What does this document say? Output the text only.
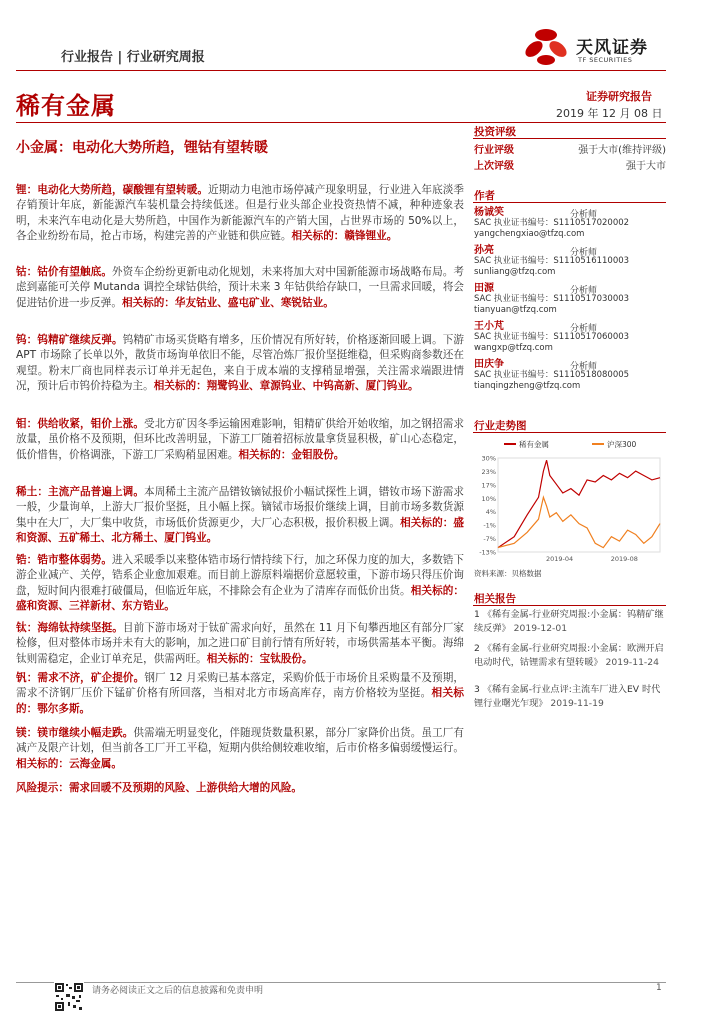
行业报告 | 行业研究周报	天风证券
TF SECURITIES
稀有金属	证券研究报告
2019 年 12 月 08 日
小金属：电动化大势所趋，锂钴有望转暖
投资评级
行业评级	强于大市(维持评级)
上次评级	强于大市
作者
杨诚笑	分析师
SAC 执业证书编号：S1110517020002
yangchengxiao@tfzq.com
孙亮	分析师
SAC 执业证书编号：S1110516110003
sunliang@tfzq.com
田源	分析师
SAC 执业证书编号：S1110517030003
tianyuan@tfzq.com
王小芃	分析师
SAC 执业证书编号：S1110517060003
wangxp@tfzq.com
田庆争	分析师
SAC 执业证书编号：S1110518080005
tianqingzheng@tfzq.com
行业走势图
稀有金属	沪深300
30%
23%
17%
10%
4%
-1%
-7%
-13%
2019-04	2019-08
资料来源：贝格数据
相关报告
1 《稀有金属-行业研究周报:小金属：钨精矿继续反弹》 2019-12-01
2 《稀有金属-行业研究周报:小金属：欧洲开启电动时代，钴锂需求有望转暖》 2019-11-24
3 《稀有金属-行业点评:主流车厂进入EV 时代 锂行业曙光乍现》 2019-11-19
锂：电动化大势所趋，碳酸锂有望转暖。近期动力电池市场停减产现象明显，行业进入年底淡季存销预计年底，新能源汽车装机量会持续低迷。但是行业头部企业投资热情不减，种种迹象表明，未来汽车电动化是大势所趋，中国作为新能源汽车的产销大国，占世界市场的 50%以上，各企业纷纷布局，抢占市场，构建完善的产业链和供应链。相关标的：赣锋锂业。
钴：钴价有望触底。外资车企纷纷更新电动化规划，未来将加大对中国新能源市场战略布局。考虑到嘉能可关停 Mutanda 调控全球钴供给，预计未来 3 年钴供给存缺口，一旦需求回暖，将会促进钴价进一步反弹。相关标的：华友钴业、盛屯矿业、寒锐钴业。
钨：钨精矿继续反弹。钨精矿市场买货略有增多，压价情况有所好转，价格逐渐回暖上调。下游 APT 市场除了长单以外，散货市场询单依旧不能，尽管冶炼厂报价坚挺维稳，但采购商参数还在观望。粉末厂商也同样表示订单并无起色，来自于成本端的支撑稍显增强，关注需求端跟进情况，预计后市钨价持稳为主。相关标的：翔鹭钨业、章源钨业、中钨高新、厦门钨业。
钼：供给收紧，钼价上涨。受北方矿因冬季运输困难影响，钼精矿供给开始收缩，加之钢招需求放量，虽价格不及预期，但环比改善明显，下游工厂随着招标放量拿货显积极，矿山心态稳定，低价惜售，价格调涨，下游工厂采购稍显困难。相关标的：金钼股份。
稀土：主流产品普遍上调。本周稀土主流产品镨钕镝铽报价小幅试探性上调，镨钕市场下游需求一般，少量询单，上游大厂报价坚挺，且小幅上探。镝铽市场报价继续上调，目前市场多数货源集中在大厂，大厂集中收货，市场低价货源更少，大厂心态积极，报价积极上调。相关标的：盛和资源、五矿稀土、北方稀土、厦门钨业。
锆：锆市整体弱势。进入采暖季以来整体锆市场行情持续下行，加之环保力度的加大，多数锆下游企业减产、关停，锆系企业愈加艰难。而目前上游原料端据价意愿较重，下游市场只得压价询盘，短时间内很难打破僵局，但临近年底，不排除会有企业为了清库存而低价出货。相关标的：盛和资源、三祥新材、东方锆业。
钛：海绵钛持续坚挺。目前下游市场对于钛矿需求向好，虽然在 11 月下旬攀西地区有部分厂家检修，但对整体市场并未有大的影响，加之进口矿目前行情有所好转，市场供需基本平衡。海绵钛则需稳定，企业订单充足，供需两旺。相关标的：宝钛股份。
钒：需求不济，矿企提价。钢厂 12 月采购已基本落定，采购价低于市场价且采购量不及预期，需求不济钢厂压价下锰矿价格有所回落，当相对北方市场高库存，南方价格较为坚挺。相关标的：鄂尔多斯。
镁：镁市继续小幅走跌。供需端无明显变化，伴随现货数量积累，部分厂家降价出货。虽工厂有减产及限产计划，但当前各工厂开工平稳，短期内供给侧较难收缩，后市价格多偏弱缓慢运行。相关标的：云海金属。
风险提示：需求回暖不及预期的风险、上游供给大增的风险。
请务必阅读正文之后的信息披露和免责申明	1
